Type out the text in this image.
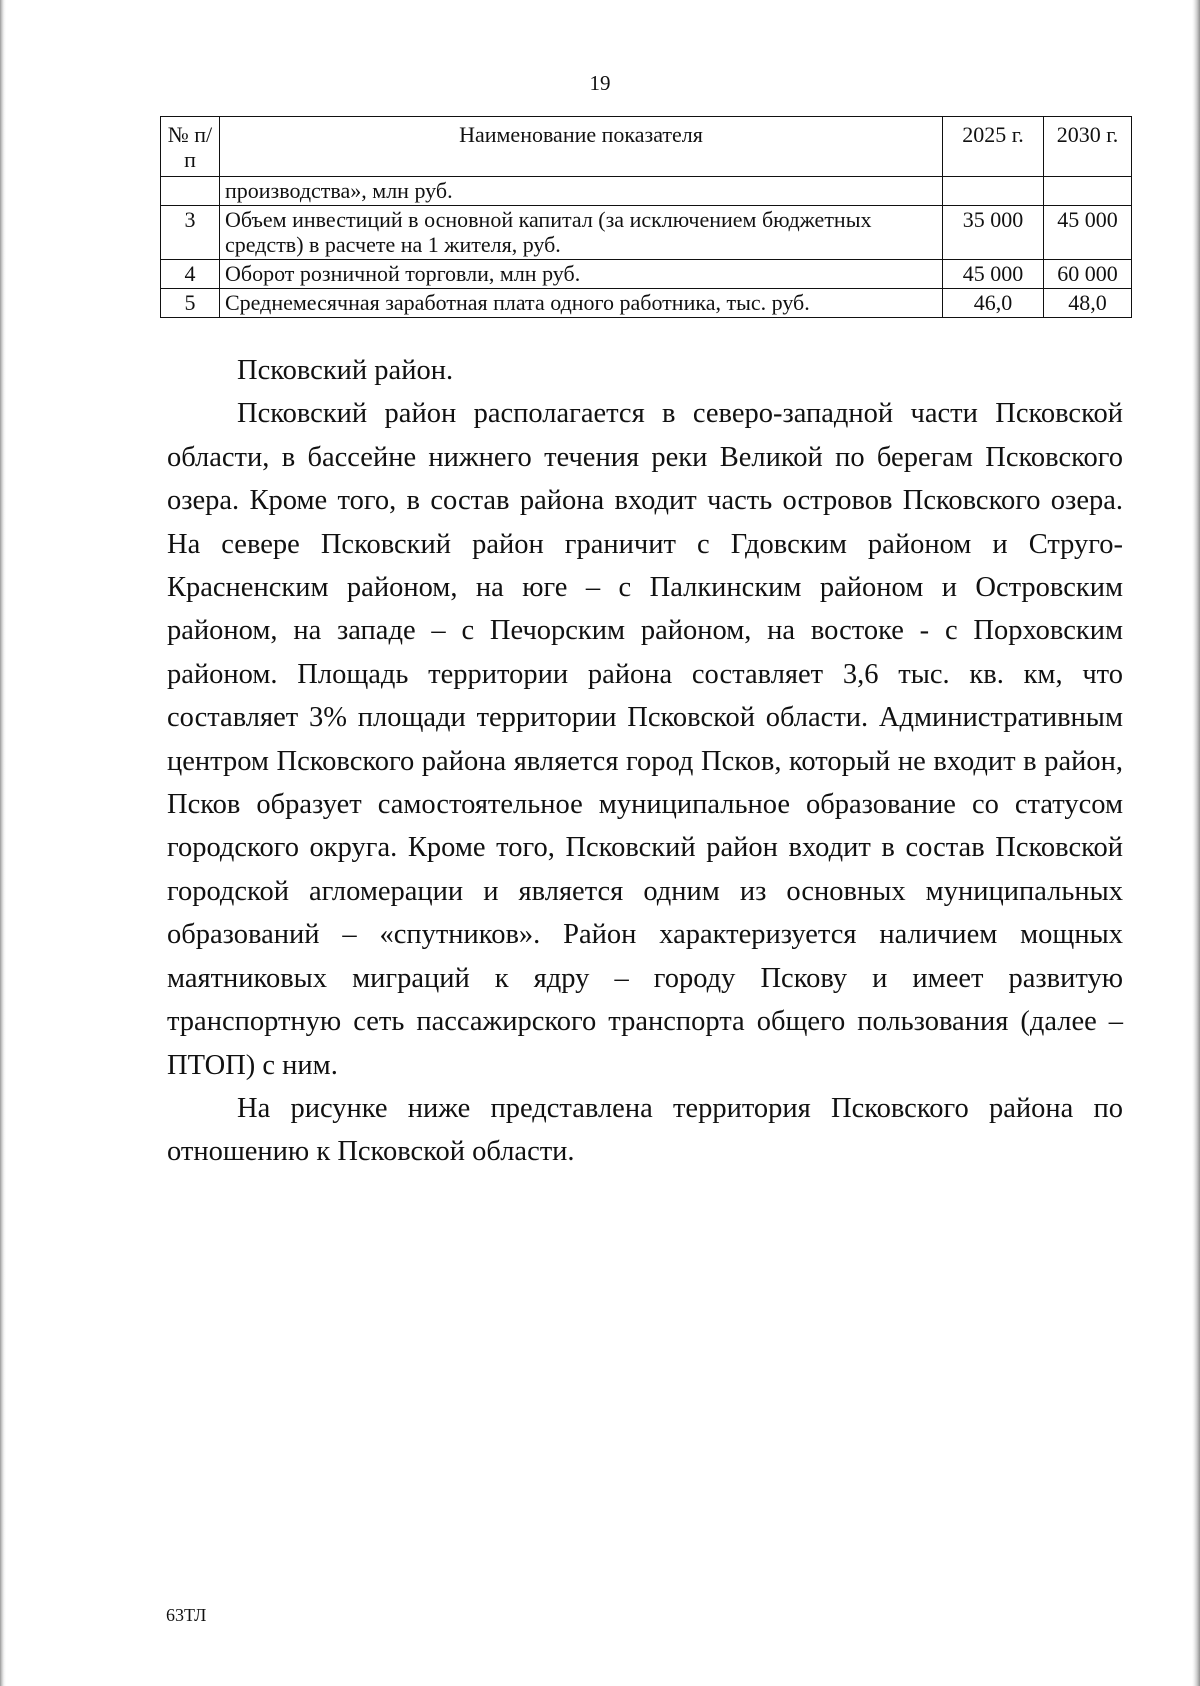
19
№ п/п	Наименование показателя	2025 г.	2030 г.
	производства», млн руб.		
3	Объем инвестиций в основной капитал (за исключением бюджетных средств) в расчете на 1 жителя, руб.	35 000	45 000
4	Оборот розничной торговли, млн руб.	45 000	60 000
5	Среднемесячная заработная плата одного работника, тыс. руб.	46,0	48,0

Псковский район.

Псковский район располагается в северо-западной части Псковской области, в бассейне нижнего течения реки Великой по берегам Псковского озера. Кроме того, в состав района входит часть островов Псковского озера. На севере Псковский район граничит с Гдовским районом и Струго-Красненским районом, на юге – с Палкинским районом и Островским районом, на западе – с Печорским районом, на востоке - с Порховским районом. Площадь территории района составляет 3,6 тыс. кв. км, что составляет 3% площади территории Псковской области. Административным центром Псковского района является город Псков, который не входит в район, Псков образует самостоятельное муниципальное образование со статусом городского округа. Кроме того, Псковский район входит в состав Псковской городской агломерации и является одним из основных муниципальных образований – «спутников». Район характеризуется наличием мощных маятниковых миграций к ядру – городу Пскову и имеет развитую транспортную сеть пассажирского транспорта общего пользования (далее – ПТОП) с ним.

На рисунке ниже представлена территория Псковского района по отношению к Псковской области.

63ТЛ
